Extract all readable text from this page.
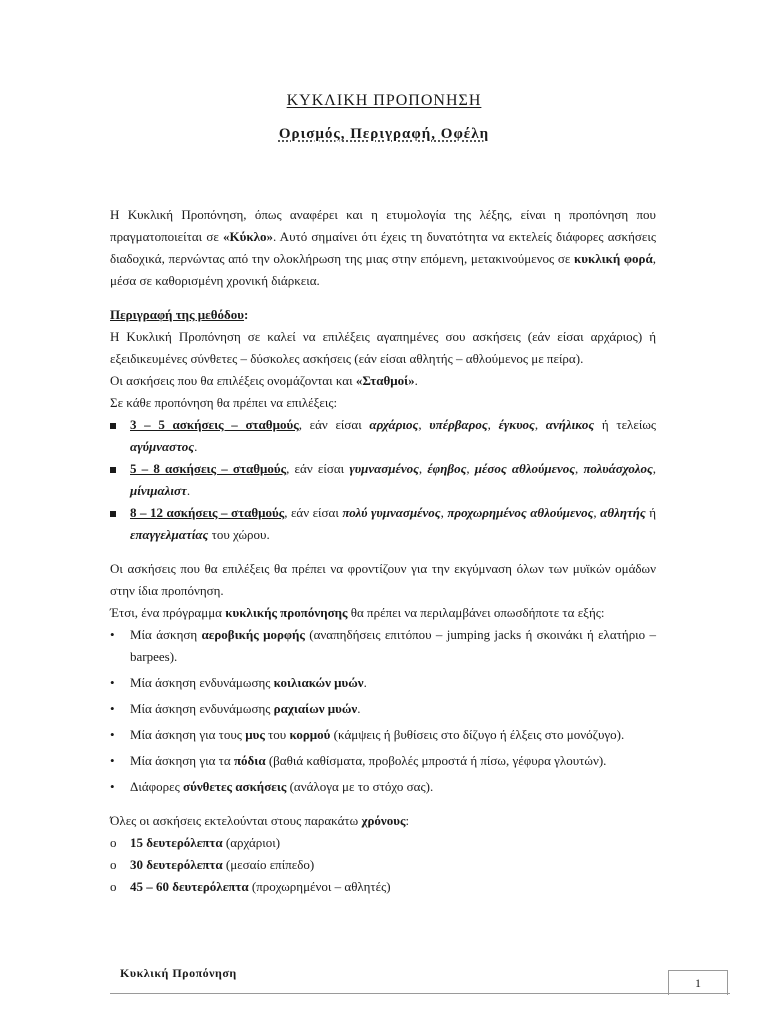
ΚΥΚΛΙΚΗ ΠΡΟΠΟΝΗΣΗ
Ορισμός, Περιγραφή, Οφέλη

Η Κυκλική Προπόνηση, όπως αναφέρει και η ετυμολογία της λέξης, είναι η προπόνηση που πραγματοποιείται σε «Κύκλο». Αυτό σημαίνει ότι έχεις τη δυνατότητα να εκτελείς διάφορες ασκήσεις διαδοχικά, περνώντας από την ολοκλήρωση της μιας στην επόμενη, μετακινούμενος σε κυκλική φορά, μέσα σε καθορισμένη χρονική διάρκεια.

Περιγραφή της μεθόδου:

Η Κυκλική Προπόνηση σε καλεί να επιλέξεις αγαπημένες σου ασκήσεις (εάν είσαι αρχάριος) ή εξειδικευμένες σύνθετες – δύσκολες ασκήσεις (εάν είσαι αθλητής – αθλούμενος με πείρα).

Οι ασκήσεις που θα επιλέξεις ονομάζονται και «Σταθμοί».

Σε κάθε προπόνηση θα πρέπει να επιλέξεις:

3 – 5 ασκήσεις – σταθμούς, εάν είσαι αρχάριος, υπέρβαρος, έγκυος, ανήλικος ή τελείως αγύμναστος.
5 – 8 ασκήσεις – σταθμούς, εάν είσαι γυμνασμένος, έφηβος, μέσος αθλούμενος, πολυάσχολος, μίνιμαλιστ.
8 – 12 ασκήσεις – σταθμούς, εάν είσαι πολύ γυμνασμένος, προχωρημένος αθλούμενος, αθλητής ή επαγγελματίας του χώρου.

Οι ασκήσεις που θα επιλέξεις θα πρέπει να φροντίζουν για την εκγύμναση όλων των μυϊκών ομάδων στην ίδια προπόνηση.

Έτσι, ένα πρόγραμμα κυκλικής προπόνησης θα πρέπει να περιλαμβάνει οπωσδήποτε τα εξής:

•
Μία άσκηση αεροβικής μορφής (αναπηδήσεις επιτόπου – jumping jacks ή σκοινάκι ή ελατήριο – barpees).
•
Μία άσκηση ενδυνάμωσης κοιλιακών μυών.
•
Μία άσκηση ενδυνάμωσης ραχιαίων μυών.
•
Μία άσκηση για τους μυς του κορμού (κάμψεις ή βυθίσεις στο δίζυγο ή έλξεις στο μονόζυγο).
•
Μία άσκηση για τα πόδια (βαθιά καθίσματα, προβολές μπροστά ή πίσω, γέφυρα γλουτών).
•
Διάφορες σύνθετες ασκήσεις (ανάλογα με το στόχο σας).

Όλες οι ασκήσεις εκτελούνται στους παρακάτω χρόνους:

o
15 δευτερόλεπτα (αρχάριοι)
o
30 δευτερόλεπτα (μεσαίο επίπεδο)
o
45 – 60 δευτερόλεπτα (προχωρημένοι – αθλητές)
Κυκλική Προπόνηση
1
